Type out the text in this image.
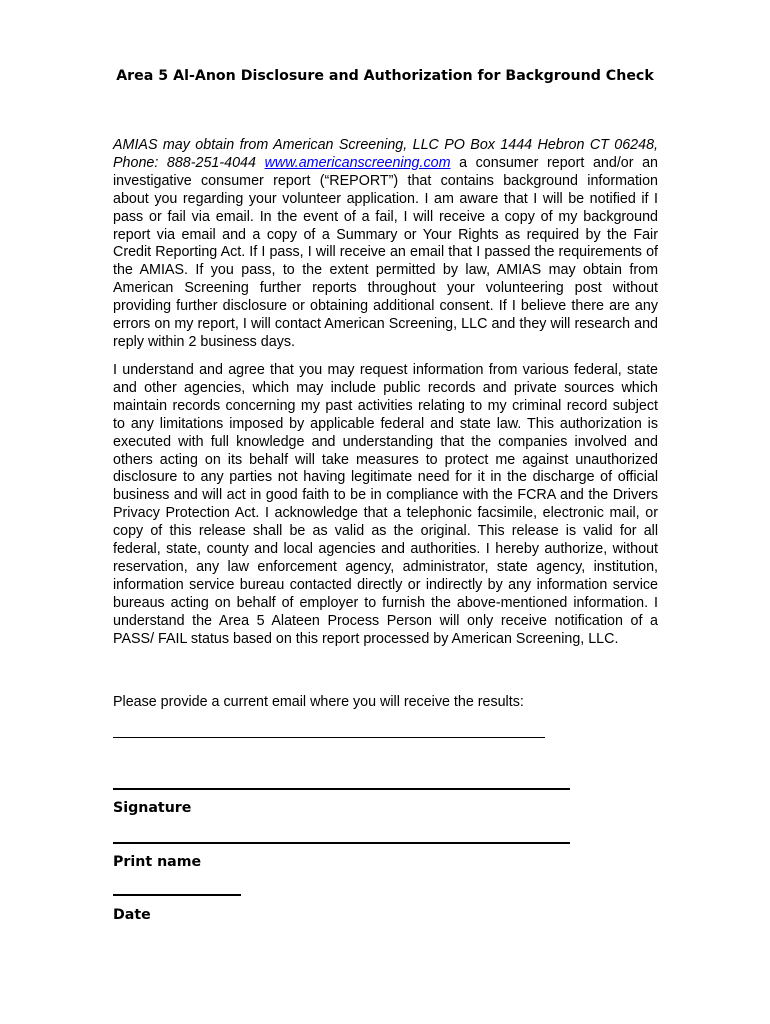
Area 5 Al-Anon Disclosure and Authorization for Background Check

AMIAS may obtain from American Screening, LLC PO Box 1444 Hebron CT 06248, Phone: 888-251-4044 www.americanscreening.com a consumer report and/or an investigative consumer report (“REPORT”) that contains background information about you regarding your volunteer application. I am aware that I will be notified if I pass or fail via email. In the event of a fail, I will receive a copy of my background report via email and a copy of a Summary or Your Rights as required by the Fair Credit Reporting Act. If I pass, I will receive an email that I passed the requirements of the AMIAS. If you pass, to the extent permitted by law, AMIAS may obtain from American Screening further reports throughout your volunteering post without providing further disclosure or obtaining additional consent. If I believe there are any errors on my report, I will contact American Screening, LLC and they will research and reply within 2 business days.

I understand and agree that you may request information from various federal, state and other agencies, which may include public records and private sources which maintain records concerning my past activities relating to my criminal record subject to any limitations imposed by applicable federal and state law. This authorization is executed with full knowledge and understanding that the companies involved and others acting on its behalf will take measures to protect me against unauthorized disclosure to any parties not having legitimate need for it in the discharge of official business and will act in good faith to be in compliance with the FCRA and the Drivers Privacy Protection Act. I acknowledge that a telephonic facsimile, electronic mail, or copy of this release shall be as valid as the original. This release is valid for all federal, state, county and local agencies and authorities. I hereby authorize, without reservation, any law enforcement agency, administrator, state agency, institution, information service bureau contacted directly or indirectly by any information service bureaus acting on behalf of employer to furnish the above-mentioned information. I understand the Area 5 Alateen Process Person will only receive notification of a PASS/ FAIL status based on this report processed by American Screening, LLC.

Please provide a current email where you will receive the results:

Signature

Print name

Date
